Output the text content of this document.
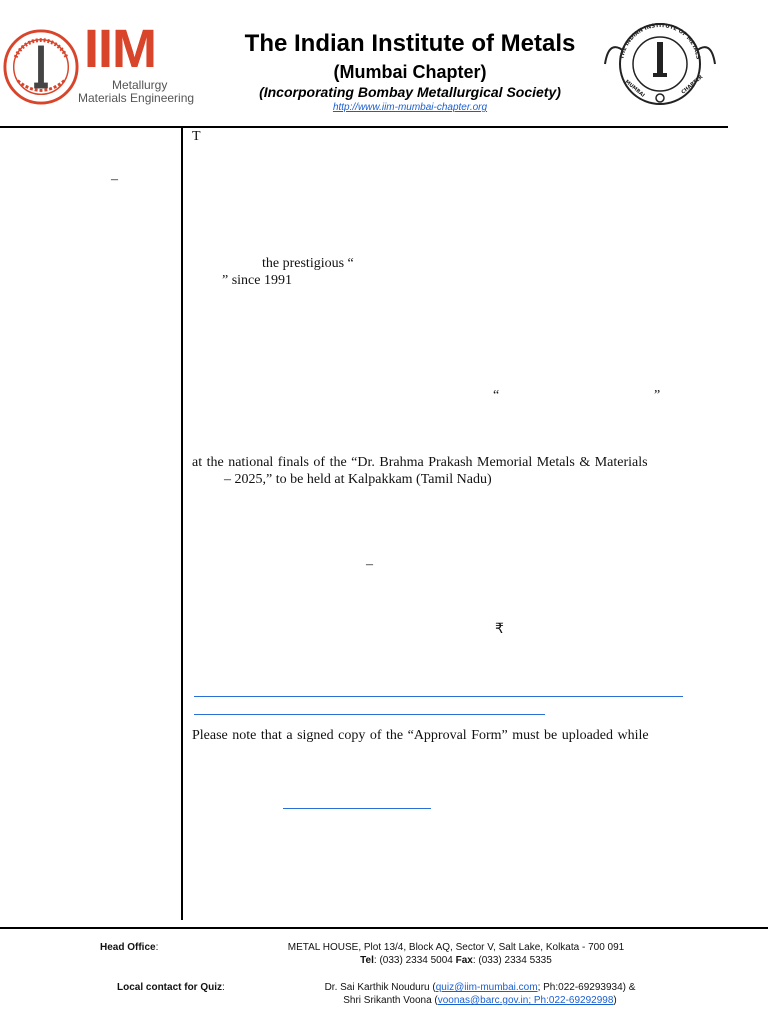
IIM
Metallurgy
Materials Engineering
The Indian Institute of Metals
(Mumbai Chapter)
(Incorporating Bombay Metallurgical Society)
http://www.iim-mumbai-chapter.org
THE INDIAN INSTITUTE OF METALS
MUMBAI	CHAPTER
T
–
the prestigious “
” since 1991
“	”
at the national finals of the “Dr. Brahma Prakash Memorial Metals & Materials
– 2025,” to be held at Kalpakkam (Tamil Nadu)
–
₹
Please note that a signed copy of the “Approval Form” must be uploaded while
Head Office:	METAL HOUSE, Plot 13/4, Block AQ, Sector V, Salt Lake, Kolkata - 700 091
Tel: (033) 2334 5004 Fax: (033) 2334 5335
Local contact for Quiz:	Dr. Sai Karthik Nouduru (quiz@iim-mumbai.com; Ph:022-69293934) &
Shri Srikanth Voona (voonas@barc.gov.in; Ph:022-69292998)
